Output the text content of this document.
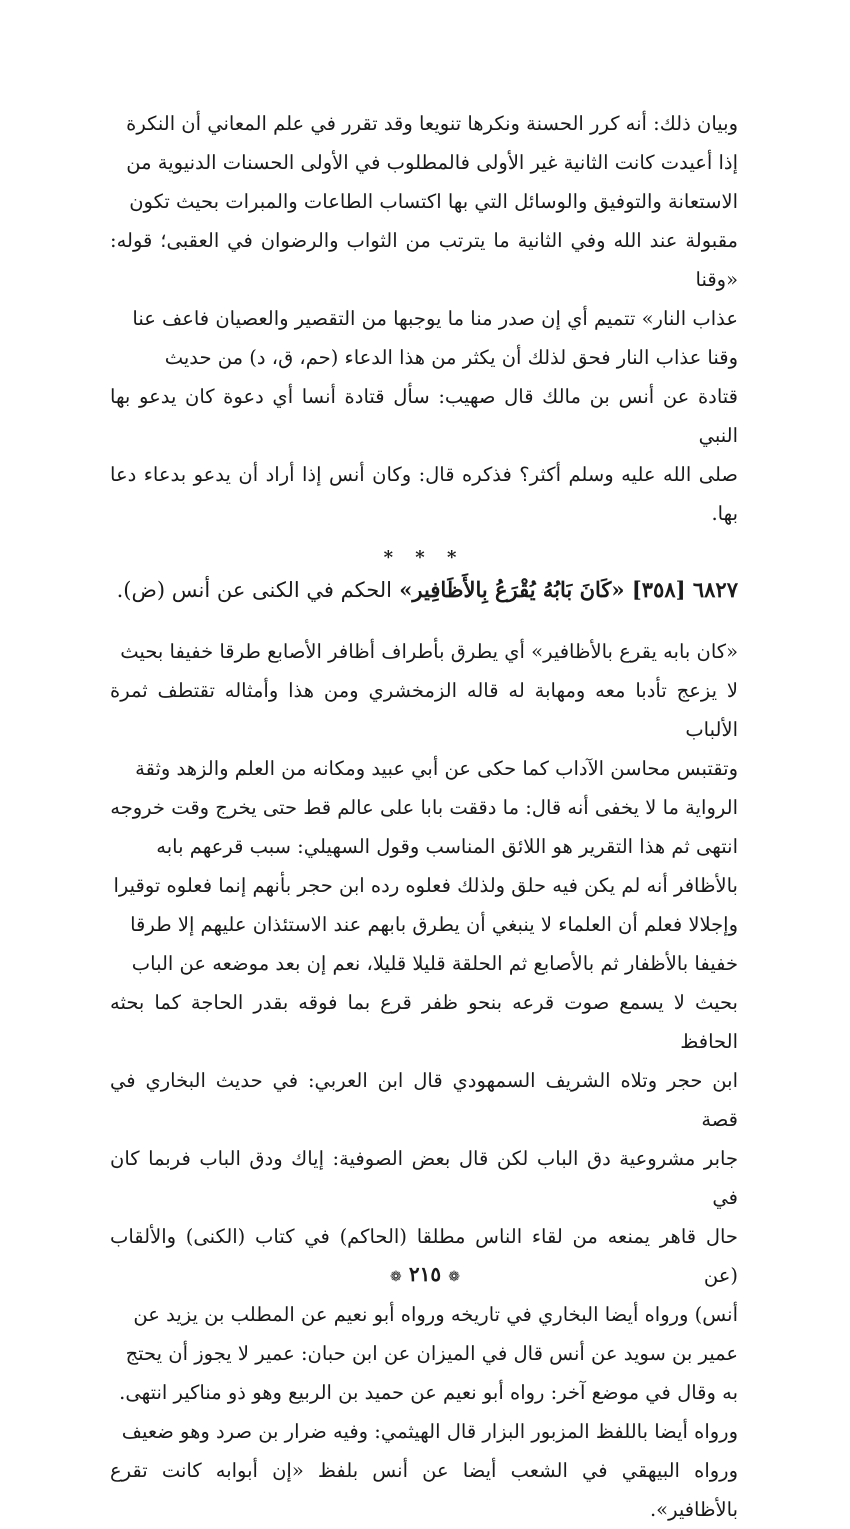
وبيان ذلك: أنه كرر الحسنة ونكرها تنويعا وقد تقرر في علم المعاني أن النكرة

إذا أعيدت كانت الثانية غير الأولى فالمطلوب في الأولى الحسنات الدنيوية من

الاستعانة والتوفيق والوسائل التي بها اكتساب الطاعات والمبرات بحيث تكون

مقبولة عند الله وفي الثانية ما يترتب من الثواب والرضوان في العقبى؛ قوله: «وقنا

عذاب النار» تتميم أي إن صدر منا ما يوجبها من التقصير والعصيان فاعف عنا

وقنا عذاب النار فحق لذلك أن يكثر من هذا الدعاء (حم، ق، د) من حديث

قتادة عن أنس بن مالك قال صهيب: سأل قتادة أنسا أي دعوة كان يدعو بها النبي

صلى الله عليه وسلم أكثر؟ فذكره قال: وكان أنس إذا أراد أن يدعو بدعاء دعا بها.

* * *
٦٨٢٧ [٣٥٨] «كَانَ بَابُهُ يُقْرَعُ بِالأَظَافِير» الحكم في الكنى عن أنس (ض).

«كان بابه يقرع بالأظافير» أي يطرق بأطراف أظافر الأصابع طرقا خفيفا بحيث

لا يزعج تأدبا معه ومهابة له قاله الزمخشري ومن هذا وأمثاله تقتطف ثمرة الألباب

وتقتبس محاسن الآداب كما حكى عن أبي عبيد ومكانه من العلم والزهد وثقة

الرواية ما لا يخفى أنه قال: ما دققت بابا على عالم قط حتى يخرج وقت خروجه

انتهى ثم هذا التقرير هو اللائق المناسب وقول السهيلي: سبب قرعهم بابه

بالأظافر أنه لم يكن فيه حلق ولذلك فعلوه رده ابن حجر بأنهم إنما فعلوه توقيرا

وإجلالا فعلم أن العلماء لا ينبغي أن يطرق بابهم عند الاستئذان عليهم إلا طرقا

خفيفا بالأظفار ثم بالأصابع ثم الحلقة قليلا قليلا، نعم إن بعد موضعه عن الباب

بحيث لا يسمع صوت قرعه بنحو ظفر قرع بما فوقه بقدر الحاجة كما بحثه الحافظ

ابن حجر وتلاه الشريف السمهودي قال ابن العربي: في حديث البخاري في قصة

جابر مشروعية دق الباب لكن قال بعض الصوفية: إياك ودق الباب فربما كان في

حال قاهر يمنعه من لقاء الناس مطلقا (الحاكم) في كتاب (الكنى) والألقاب (عن

أنس) ورواه أيضا البخاري في تاريخه ورواه أبو نعيم عن المطلب بن يزيد عن

عمير بن سويد عن أنس قال في الميزان عن ابن حبان: عمير لا يجوز أن يحتج

به وقال في موضع آخر: رواه أبو نعيم عن حميد بن الربيع وهو ذو مناكير انتهى.

ورواه أيضا باللفظ المزبور البزار قال الهيثمي: وفيه ضرار بن صرد وهو ضعيف

ورواه البيهقي في الشعب أيضا عن أنس بلفظ «إن أبوابه كانت تقرع بالأظافير».

❁ ٢١٥ ❁
